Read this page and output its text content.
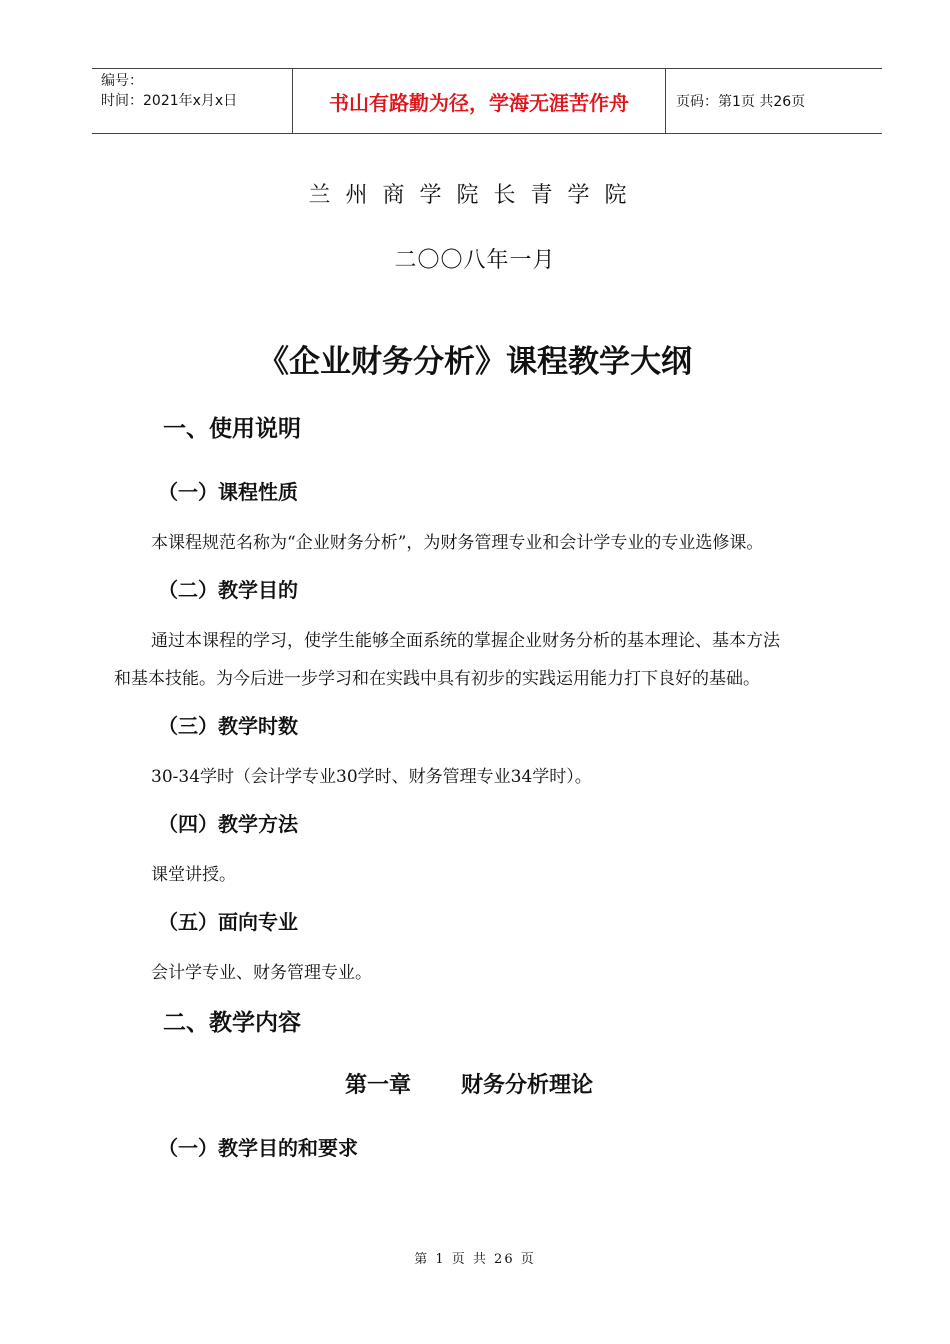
编号：
时间：2021年x月x日	书山有路勤为径，学海无涯苦作舟	页码：第1页 共26页
兰州商学院长青学院
二〇〇八年一月
《企业财务分析》课程教学大纲
一、使用说明
（一）课程性质
本课程规范名称为“企业财务分析”，为财务管理专业和会计学专业的专业选修课。
（二）教学目的
通过本课程的学习，使学生能够全面系统的掌握企业财务分析的基本理论、基本方法
和基本技能。为今后进一步学习和在实践中具有初步的实践运用能力打下良好的基础。
（三）教学时数
30-34学时（会计学专业30学时、财务管理专业34学时）。
（四）教学方法
课堂讲授。
（五）面向专业
会计学专业、财务管理专业。
二、教学内容
第一章 财务分析理论
（一）教学目的和要求
第 1 页 共 26 页
